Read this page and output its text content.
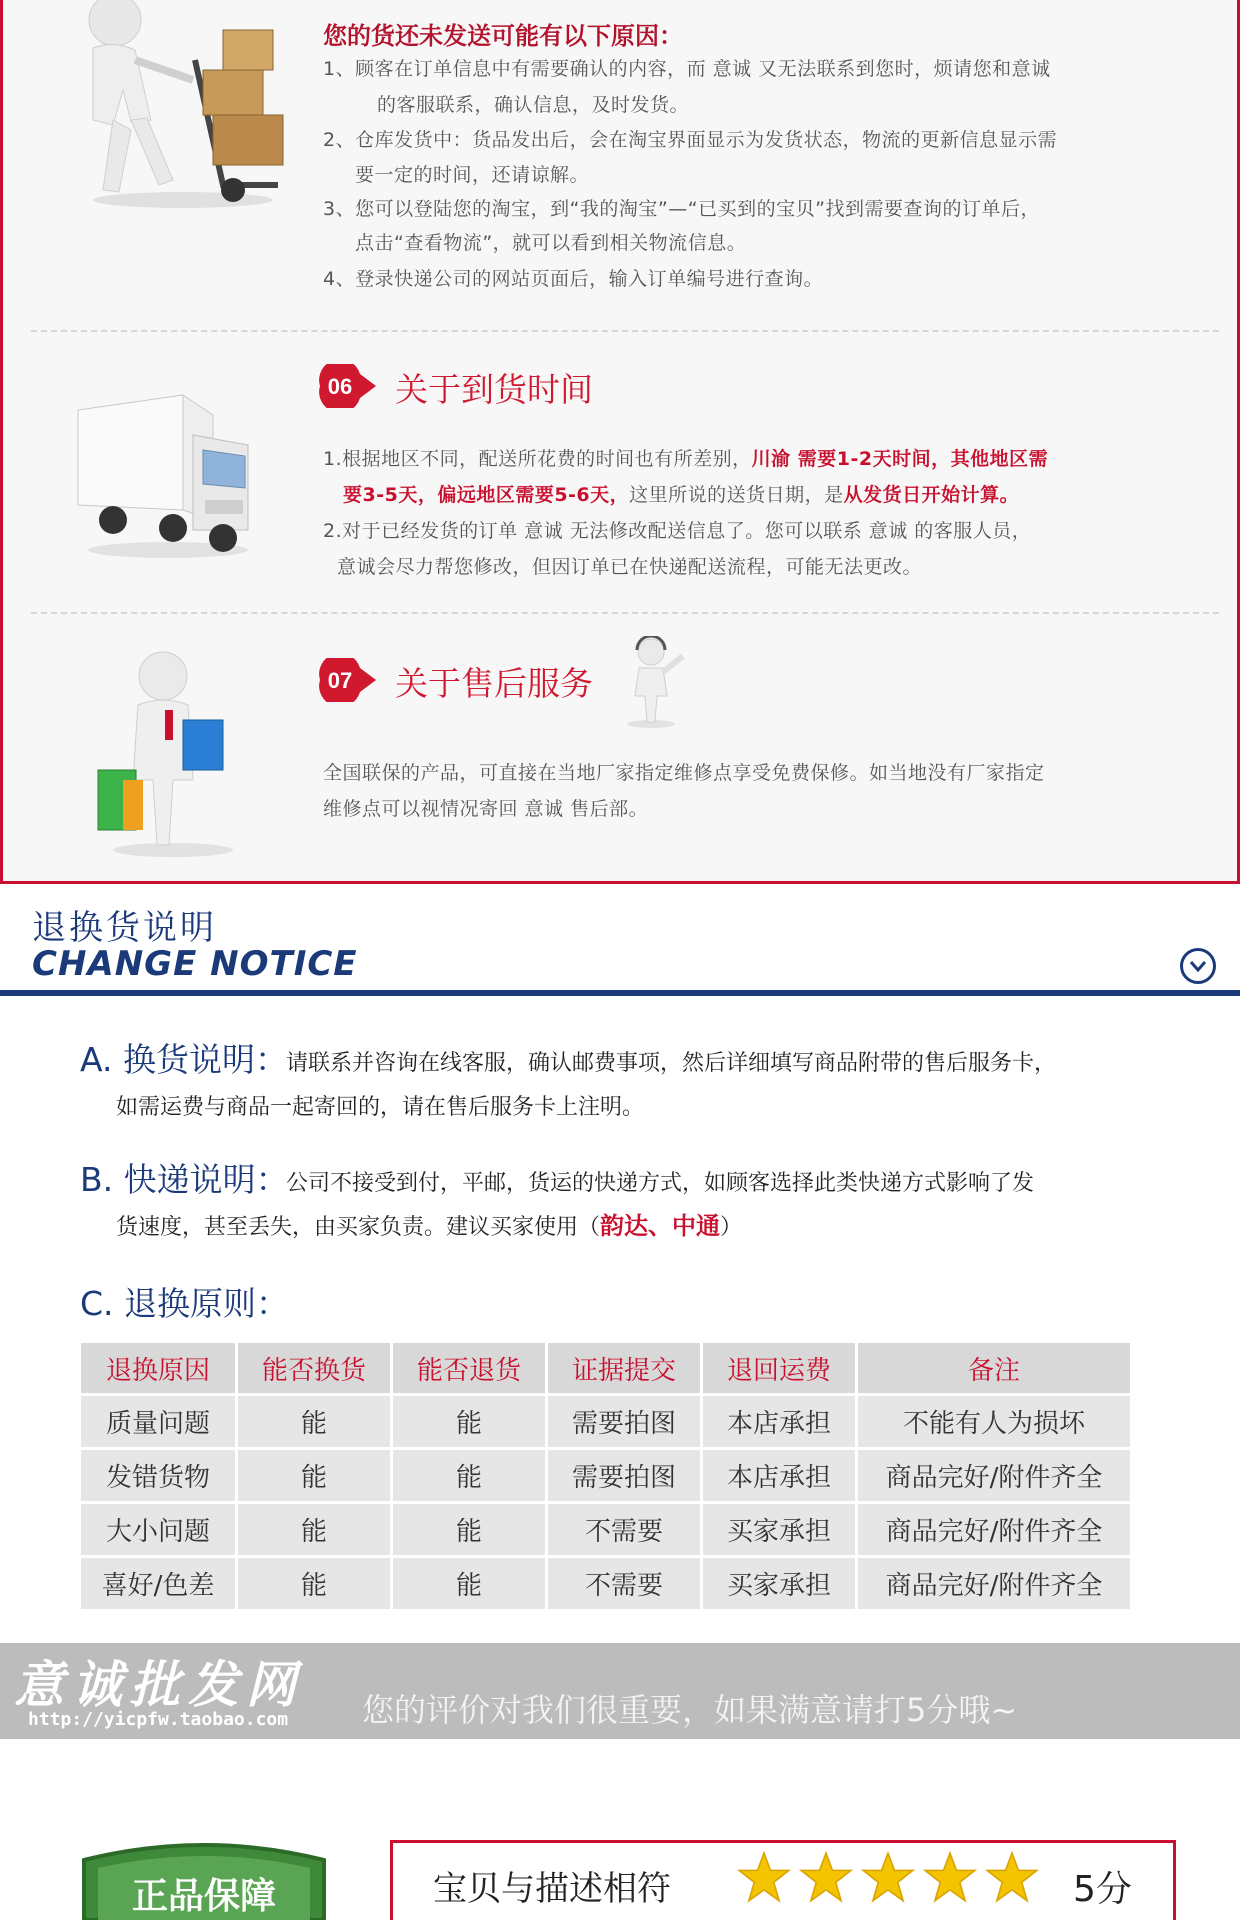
您的货还未发送可能有以下原因：
1、顾客在订单信息中有需要确认的内容，而 意诚 又无法联系到您时，烦请您和意诚
的客服联系，确认信息，及时发货。
2、仓库发货中：货品发出后，会在淘宝界面显示为发货状态，物流的更新信息显示需
要一定的时间，还请谅解。
3、您可以登陆您的淘宝，到“我的淘宝”—“已买到的宝贝”找到需要查询的订单后，
点击“查看物流”，就可以看到相关物流信息。
4、登录快递公司的网站页面后，输入订单编号进行查询。
06 关于到货时间
1.根据地区不同，配送所花费的时间也有所差别，川渝 需要1-2天时间，其他地区需
要3-5天，偏远地区需要5-6天，这里所说的送货日期，是从发货日开始计算。
2.对于已经发货的订单 意诚 无法修改配送信息了。您可以联系 意诚 的客服人员，
意诚会尽力帮您修改，但因订单已在快递配送流程，可能无法更改。
07 关于售后服务
全国联保的产品，可直接在当地厂家指定维修点享受免费保修。如当地没有厂家指定
维修点可以视情况寄回 意诚 售后部。
退换货说明
CHANGE NOTICE
A. 换货说明：
请联系并咨询在线客服，确认邮费事项，然后详细填写商品附带的售后服务卡，
如需运费与商品一起寄回的，请在售后服务卡上注明。
B. 快递说明：
公司不接受到付，平邮，货运的快递方式，如顾客选择此类快递方式影响了发
货速度，甚至丢失，由买家负责。建议买家使用（韵达、中通）
C. 退换原则：
退换原因	能否换货	能否退货	证据提交	退回运费	备注
质量问题	能	能	需要拍图	本店承担	不能有人为损坏
发错货物	能	能	需要拍图	本店承担	商品完好/附件齐全
大小问题	能	能	不需要	买家承担	商品完好/附件齐全
喜好/色差	能	能	不需要	买家承担	商品完好/附件齐全
意诚批发网
http://yicpfw.taobao.com 您的评价对我们很重要，如果满意请打5分哦~
正品保障	宝贝与描述相符	5分
